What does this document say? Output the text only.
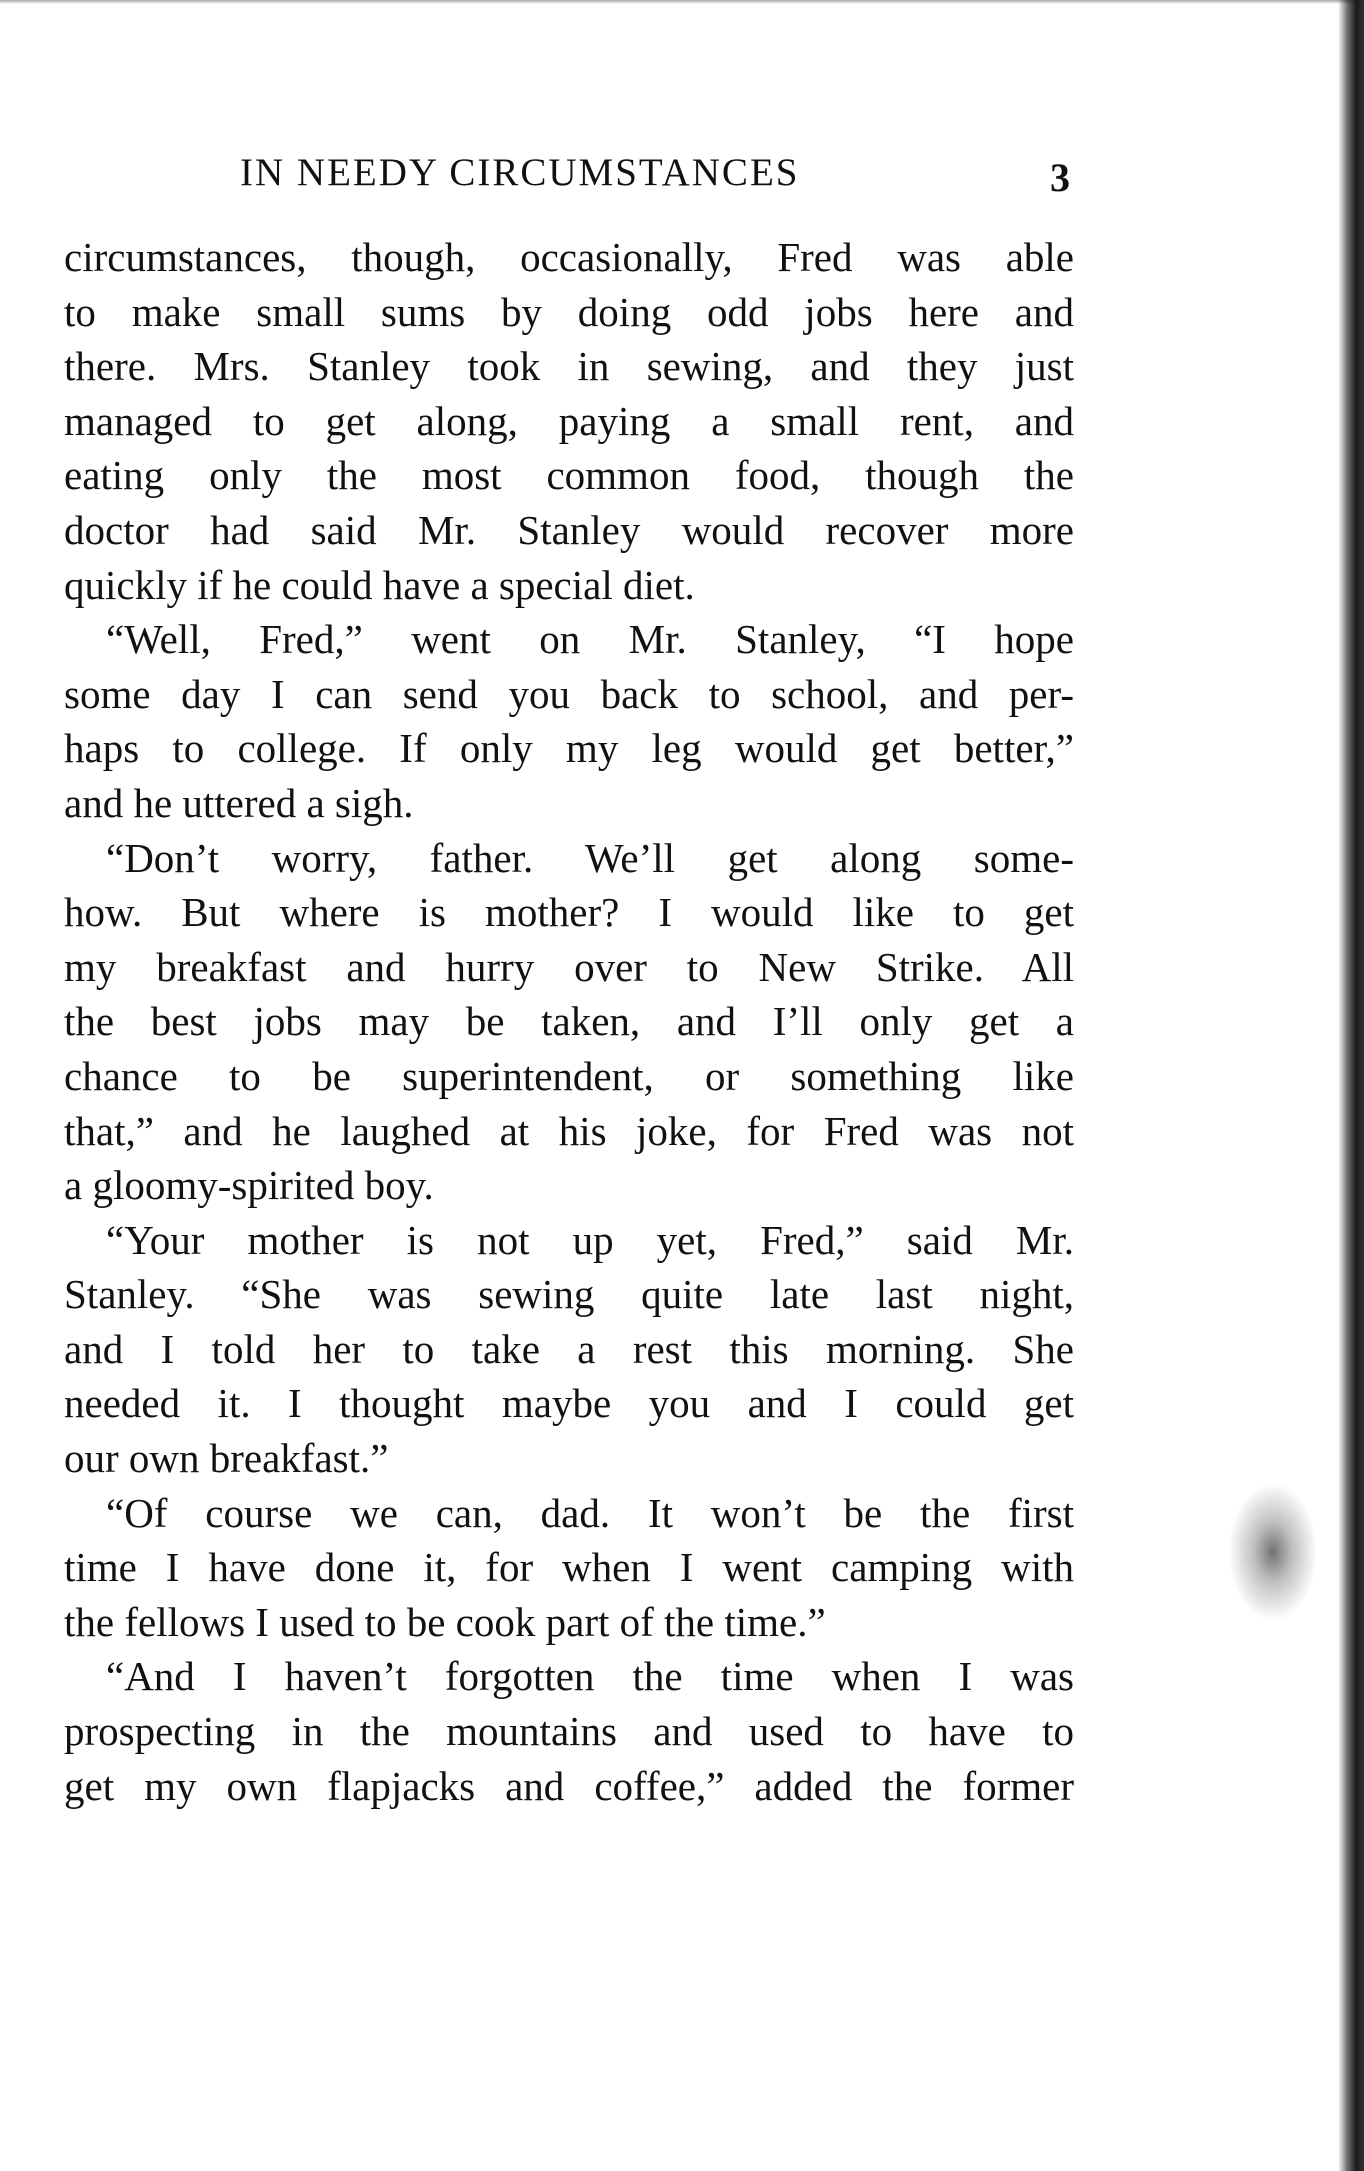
IN NEEDY CIRCUMSTANCES	3
circumstances, though, occasionally, Fred was able
to make small sums by doing odd jobs here and
there. Mrs. Stanley took in sewing, and they just
managed to get along, paying a small rent, and
eating only the most common food, though the
doctor had said Mr. Stanley would recover more
quickly if he could have a special diet.
“Well, Fred,” went on Mr. Stanley, “I hope
some day I can send you back to school, and per-
haps to college. If only my leg would get better,”
and he uttered a sigh.
“Don’t worry, father. We’ll get along some-
how. But where is mother? I would like to get
my breakfast and hurry over to New Strike. All
the best jobs may be taken, and I’ll only get a
chance to be superintendent, or something like
that,” and he laughed at his joke, for Fred was not
a gloomy-spirited boy.
“Your mother is not up yet, Fred,” said Mr.
Stanley. “She was sewing quite late last night,
and I told her to take a rest this morning. She
needed it. I thought maybe you and I could get
our own breakfast.”
“Of course we can, dad. It won’t be the first
time I have done it, for when I went camping with
the fellows I used to be cook part of the time.”
“And I haven’t forgotten the time when I was
prospecting in the mountains and used to have to
get my own flapjacks and coffee,” added the former
